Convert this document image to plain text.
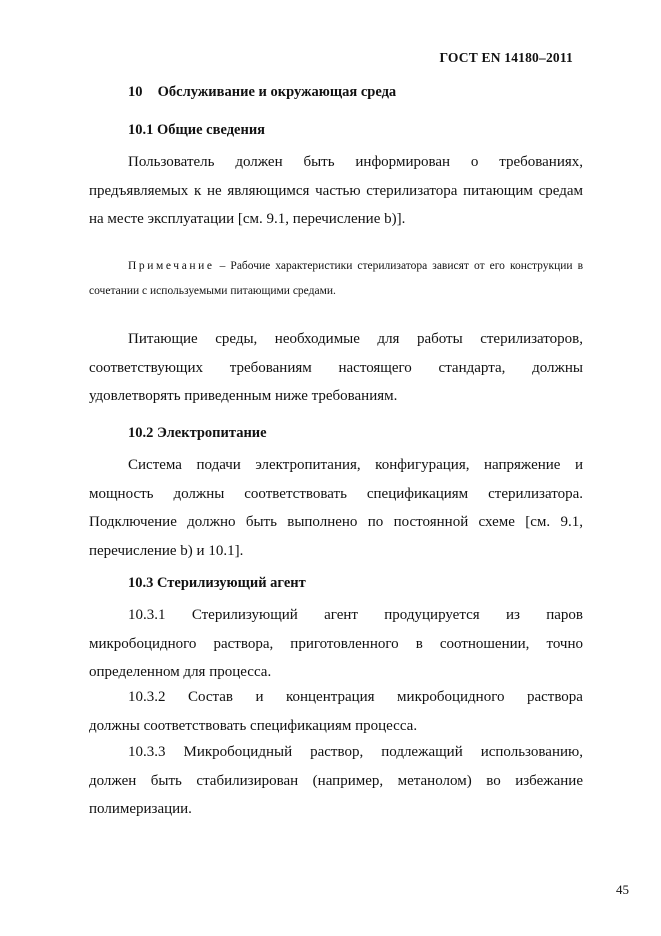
ГОСТ EN 14180–2011
10 Обслуживание и окружающая среда
10.1 Общие сведения
Пользователь должен быть информирован о требованиях, предъявляемых к не являющимся частью стерилизатора питающим средам на месте эксплуатации [см. 9.1, перечисление b)].
Примечание – Рабочие характеристики стерилизатора зависят от его конструкции в сочетании с используемыми питающими средами.
Питающие среды, необходимые для работы стерилизаторов, соответствующих требованиям настоящего стандарта, должны удовлетворять приведенным ниже требованиям.
10.2 Электропитание
Система подачи электропитания, конфигурация, напряжение и мощность должны соответствовать спецификациям стерилизатора. Подключение должно быть выполнено по постоянной схеме [см. 9.1, перечисление b) и 10.1].
10.3 Стерилизующий агент
10.3.1 Стерилизующий агент продуцируется из паров
микробоцидного раствора, приготовленного в соотношении, точно определенном для процесса.
10.3.2 Состав и концентрация микробоцидного раствора
должны соответствовать спецификациям процесса.
10.3.3 Микробоцидный раствор, подлежащий использованию,
должен быть стабилизирован (например, метанолом) во избежание полимеризации.
45
